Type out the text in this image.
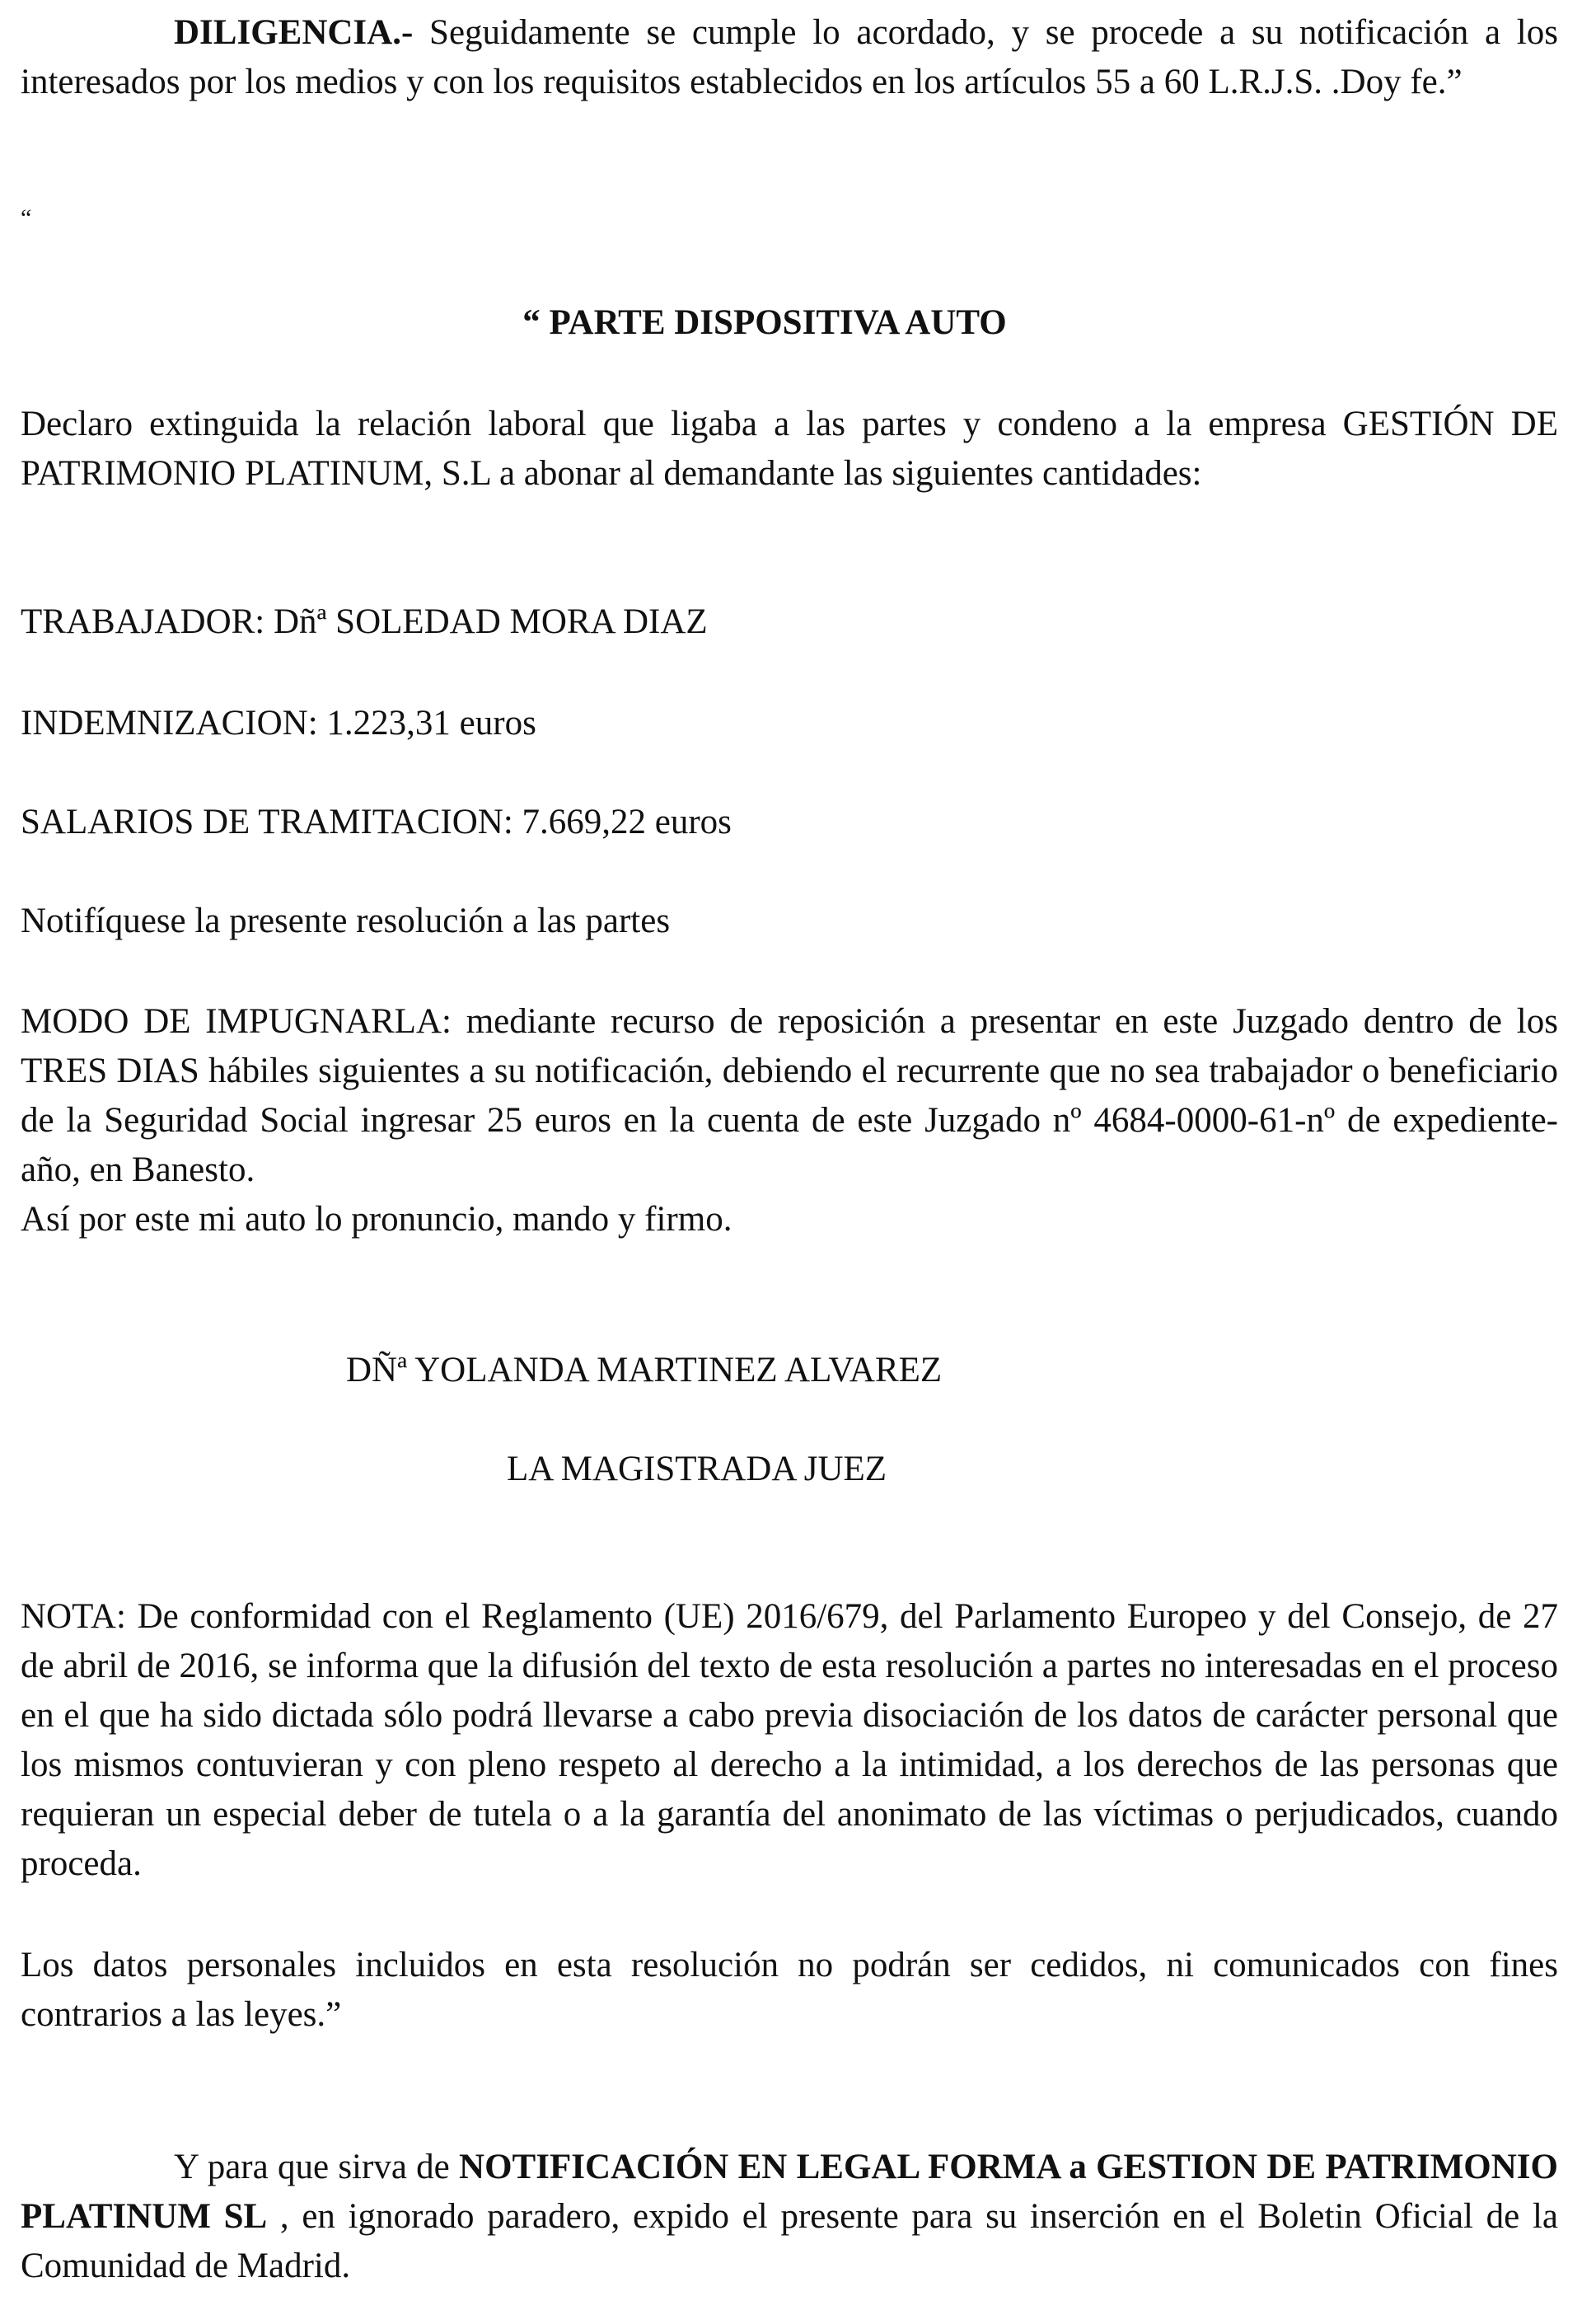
DILIGENCIA.- Seguidamente se cumple lo acordado, y se procede a su notificación a los interesados por los medios y con los requisitos establecidos en los artículos 55 a 60 L.R.J.S. .Doy fe.”

“

“ PARTE DISPOSITIVA AUTO

Declaro extinguida la relación laboral que ligaba a las partes y condeno a la empresa GESTIÓN DE PATRIMONIO PLATINUM, S.L a abonar al demandante las siguientes cantidades:

TRABAJADOR: Dñª SOLEDAD MORA DIAZ

INDEMNIZACION: 1.223,31 euros

SALARIOS DE TRAMITACION: 7.669,22 euros

Notifíquese la presente resolución a las partes

MODO DE IMPUGNARLA: mediante recurso de reposición a presentar en este Juzgado dentro de los TRES DIAS hábiles siguientes a su notificación, debiendo el recurrente que no sea trabajador o beneficiario de la Seguridad Social ingresar 25 euros en la cuenta de este Juzgado nº 4684-0000-61-nº de expediente-año, en Banesto.

Así por este mi auto lo pronuncio, mando y firmo.

DÑª YOLANDA MARTINEZ ALVAREZ

LA MAGISTRADA JUEZ

NOTA: De conformidad con el Reglamento (UE) 2016/679, del Parlamento Europeo y del Consejo, de 27 de abril de 2016, se informa que la difusión del texto de esta resolución a partes no interesadas en el proceso en el que ha sido dictada sólo podrá llevarse a cabo previa disociación de los datos de carácter personal que los mismos contuvieran y con pleno respeto al derecho a la intimidad, a los derechos de las personas que requieran un especial deber de tutela o a la garantía del anonimato de las víctimas o perjudicados, cuando proceda.

Los datos personales incluidos en esta resolución no podrán ser cedidos, ni comunicados con fines contrarios a las leyes.”

Y para que sirva de NOTIFICACIÓN EN LEGAL FORMA a GESTION DE PATRIMONIO PLATINUM SL , en ignorado paradero, expido el presente para su inserción en el Boletin Oficial de la Comunidad de Madrid.
